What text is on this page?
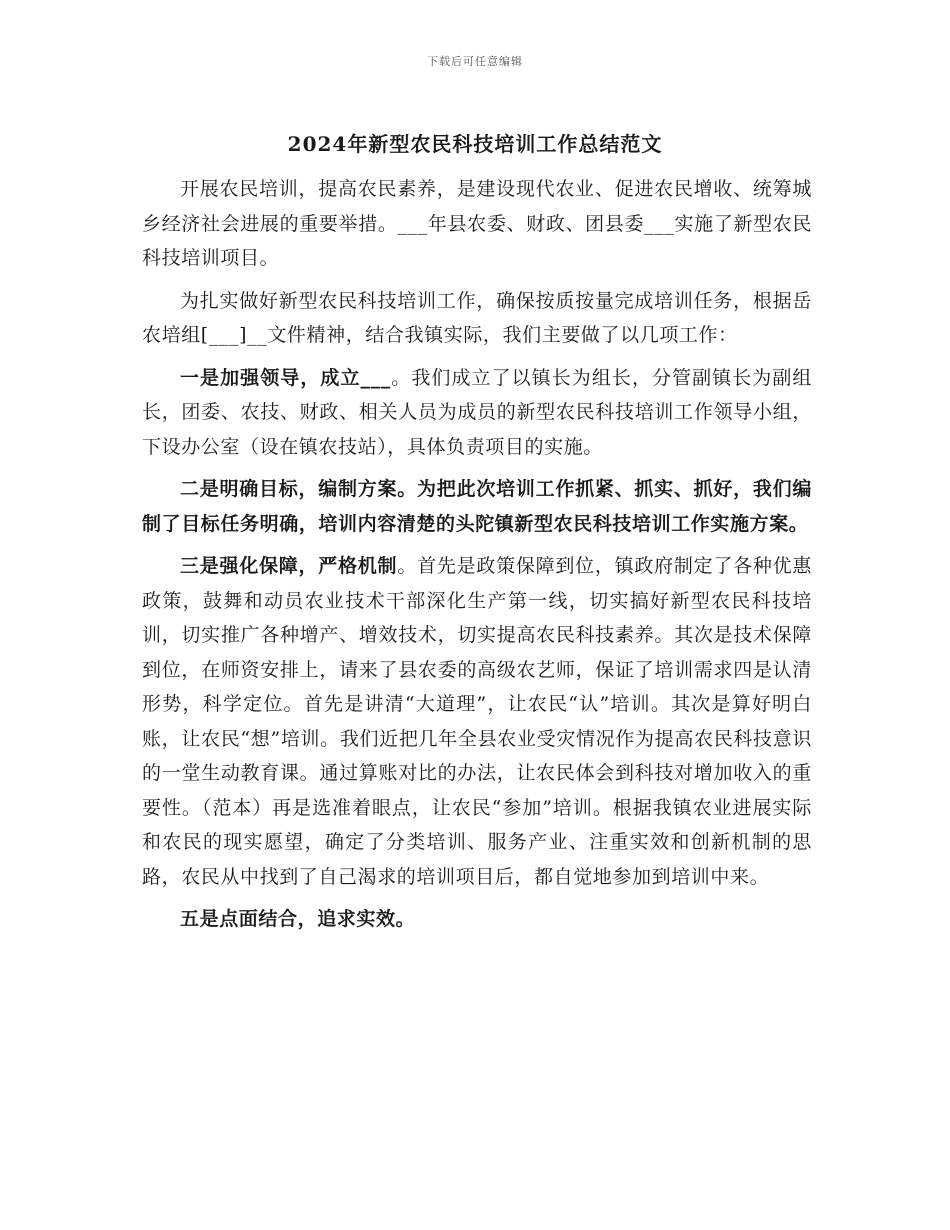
下载后可任意编辑
2024年新型农民科技培训工作总结范文

开展农民培训，提高农民素养，是建设现代农业、促进农民增收、统筹城乡经济社会进展的重要举措。___年县农委、财政、团县委___实施了新型农民科技培训项目。

为扎实做好新型农民科技培训工作，确保按质按量完成培训任务，根据岳农培组[___]__文件精神，结合我镇实际，我们主要做了以几项工作：

一是加强领导，成立___。我们成立了以镇长为组长，分管副镇长为副组长，团委、农技、财政、相关人员为成员的新型农民科技培训工作领导小组，下设办公室（设在镇农技站），具体负责项目的实施。

二是明确目标，编制方案。为把此次培训工作抓紧、抓实、抓好，我们编制了目标任务明确，培训内容清楚的头陀镇新型农民科技培训工作实施方案。

三是强化保障，严格机制。首先是政策保障到位，镇政府制定了各种优惠政策，鼓舞和动员农业技术干部深化生产第一线，切实搞好新型农民科技培训，切实推广各种增产、增效技术，切实提高农民科技素养。其次是技术保障到位，在师资安排上，请来了县农委的高级农艺师，保证了培训需求四是认清形势，科学定位。首先是讲清“大道理”，让农民“认”培训。其次是算好明白账，让农民“想”培训。我们近把几年全县农业受灾情况作为提高农民科技意识的一堂生动教育课。通过算账对比的办法，让农民体会到科技对增加收入的重要性。（范本）再是选准着眼点，让农民“参加”培训。根据我镇农业进展实际和农民的现实愿望，确定了分类培训、服务产业、注重实效和创新机制的思路，农民从中找到了自己渴求的培训项目后，都自觉地参加到培训中来。

五是点面结合，追求实效。
